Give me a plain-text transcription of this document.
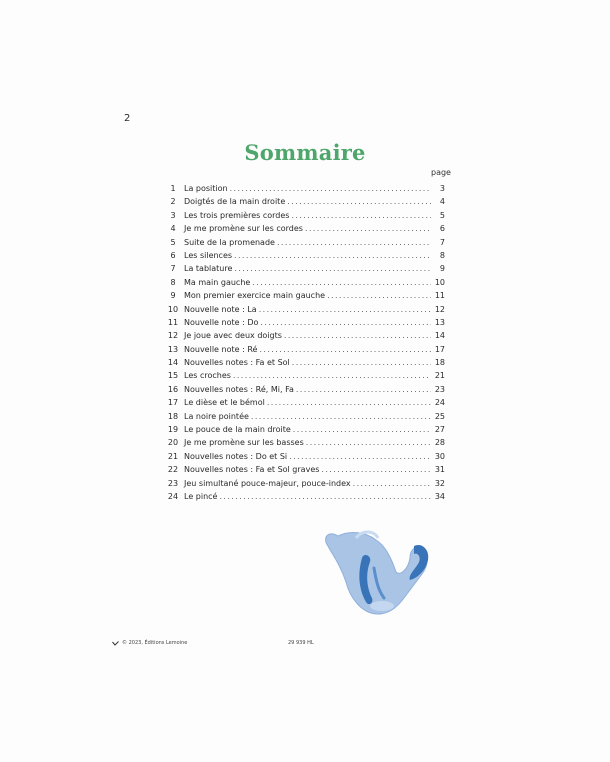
2
Sommaire
page
1	La position .....	3
2	Doigtés de la main droite .....	4
3	Les trois premières cordes .....	5
4	Je me promène sur les cordes .....	6
5	Suite de la promenade .....	7
6	Les silences .....	8
7	La tablature .....	9
8	Ma main gauche .....	10
9	Mon premier exercice main gauche .....	11
10 Nouvelle note : La .....	12
11 Nouvelle note : Do .....	13
12 Je joue avec deux doigts .....	14
13 Nouvelle note : Ré .....	17
14 Nouvelles notes : Fa et Sol .....	18
15 Les croches .....	21
16 Nouvelles notes : Ré, Mi, Fa .....	23
17 Le dièse et le bémol .....	24
18 La noire pointée .....	25
19 Le pouce de la main droite .....	27
20 Je me promène sur les basses .....	28
21 Nouvelles notes : Do et Si .....	30
22 Nouvelles notes : Fa et Sol graves .....	31
23 Jeu simultané pouce-majeur, pouce-index .....	32
24 Le pincé .....	34
© 2023, Éditions Lemoine	29 939 HL
